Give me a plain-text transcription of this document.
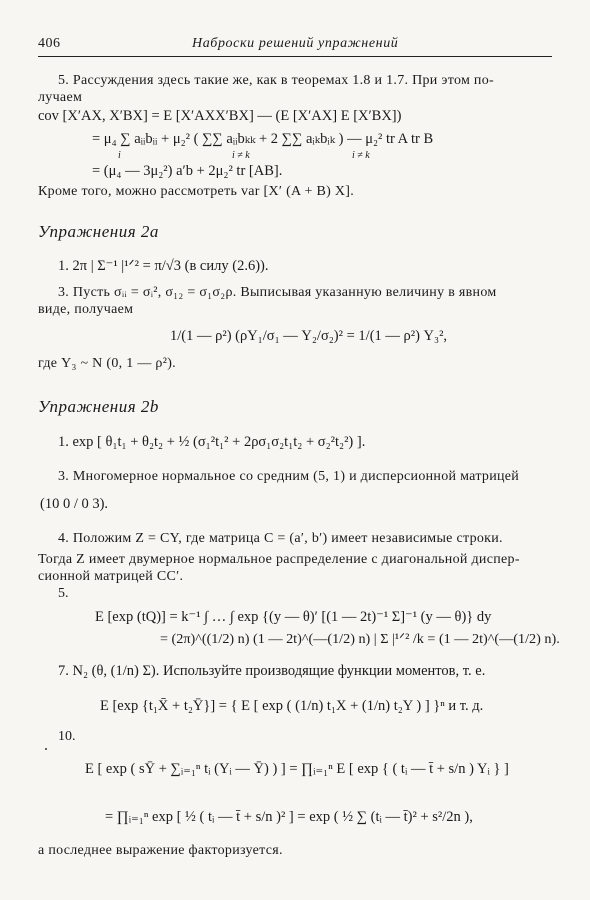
406	Наброски решений упражнений
5. Рассуждения здесь такие же, как в теоремах 1.8 и 1.7. При этом по-
лучаем
cov [X′AX, X′BX] = E [X′AXX′BX] — (E [X′AX] E [X′BX])
= μ₄ ∑ aᵢᵢbᵢᵢ + μ₂² ( ∑∑ aᵢᵢbₖₖ + 2 ∑∑ aᵢₖbᵢₖ ) — μ₂² tr A tr B
i	i ≠ k	i ≠ k
= (μ₄ — 3μ₂²) a′b + 2μ₂² tr [AB].
Кроме того, можно рассмотреть var [X′ (A + B) X].
Упражнения 2а
1. 2π | Σ⁻¹ |¹ᐟ² = π/√3 (в силу (2.6)).
3. Пусть σᵢᵢ = σᵢ², σ₁₂ = σ₁σ₂ρ. Выписывая указанную величину в явном
виде, получаем
1/(1 — ρ²) (ρY₁/σ₁ — Y₂/σ₂)² = 1/(1 — ρ²) Y₃²,
где Y₃ ~ N (0, 1 — ρ²).
Упражнения 2b
1. exp [ θ₁t₁ + θ₂t₂ + ½ (σ₁²t₁² + 2ρσ₁σ₂t₁t₂ + σ₂²t₂²) ].
3. Многомерное нормальное со средним (5, 1) и дисперсионной матрицей
(10 0 / 0 3).
4. Положим Z = CY, где матрица C = (a′, b′) имеет независимые строки.
Тогда Z имеет двумерное нормальное распределение с диагональной диспер-
сионной матрицей CC′.
5.
E [exp (tQ)] = k⁻¹ ∫ … ∫ exp {(y — θ)′ [(1 — 2t)⁻¹ Σ]⁻¹ (y — θ)} dy
= (2π)^((1/2) n) (1 — 2t)^(—(1/2) n) | Σ |¹ᐟ² /k = (1 — 2t)^(—(1/2) n).
7. N₂ (θ, (1/n) Σ). Используйте производящие функции моментов, т. е.
E [exp {t₁X̄ + t₂Ȳ}] = { E [ exp ( (1/n) t₁X + (1/n) t₂Y ) ] }ⁿ и т. д.
10.
E [ exp ( sȲ + ∑ᵢ₌₁ⁿ tᵢ (Yᵢ — Ȳ) ) ] = ∏ᵢ₌₁ⁿ E [ exp { ( tᵢ — t̄ + s/n ) Yᵢ } ]
= ∏ᵢ₌₁ⁿ exp [ ½ ( tᵢ — t̄ + s/n )² ] = exp ( ½ ∑ (tᵢ — t̄)² + s²/2n ),
а последнее выражение факторизуется.
